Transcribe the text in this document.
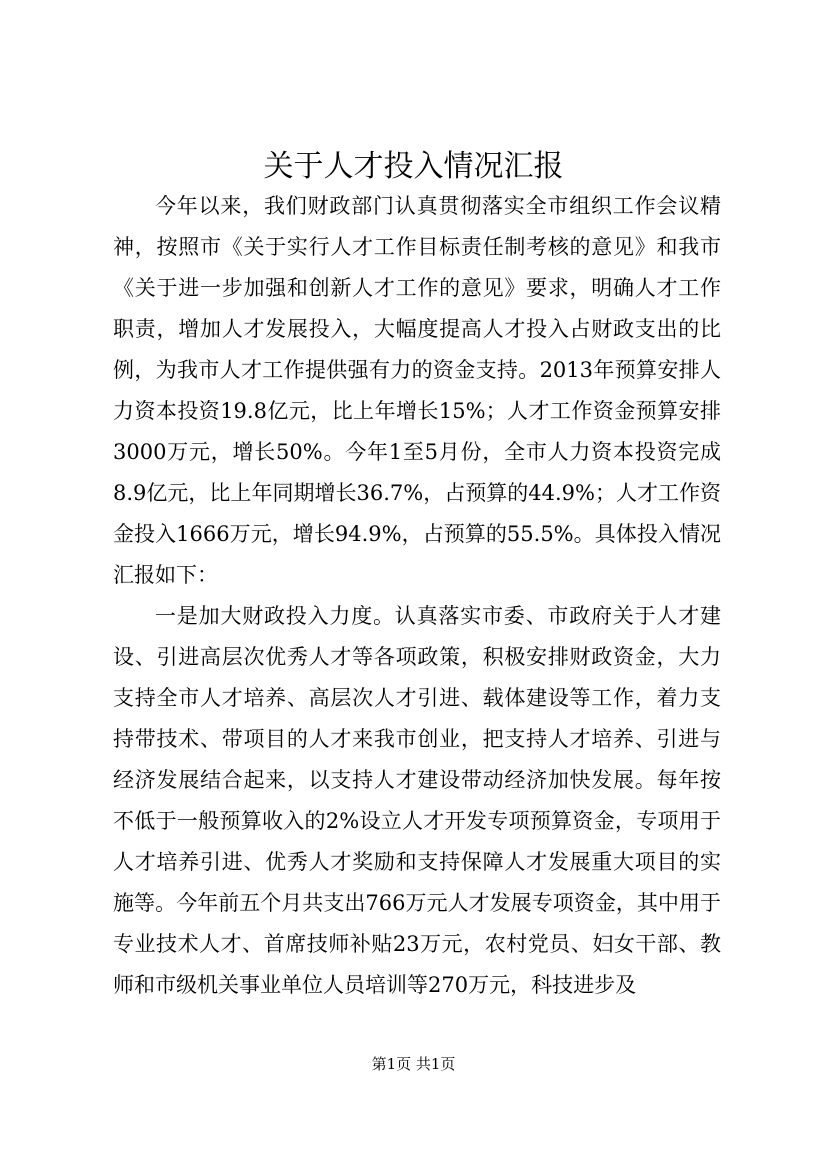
关于人才投入情况汇报

今年以来，我们财政部门认真贯彻落实全市组织工作会议精神，按照市《关于实行人才工作目标责任制考核的意见》和我市《关于进一步加强和创新人才工作的意见》要求，明确人才工作职责，增加人才发展投入，大幅度提高人才投入占财政支出的比例，为我市人才工作提供强有力的资金支持。2013年预算安排人力资本投资19.8亿元，比上年增长15%；人才工作资金预算安排3000万元，增长50%。今年1至5月份，全市人力资本投资完成8.9亿元，比上年同期增长36.7%，占预算的44.9%；人才工作资金投入1666万元，增长94.9%，占预算的55.5%。具体投入情况汇报如下：

一是加大财政投入力度。认真落实市委、市政府关于人才建设、引进高层次优秀人才等各项政策，积极安排财政资金，大力支持全市人才培养、高层次人才引进、载体建设等工作，着力支持带技术、带项目的人才来我市创业，把支持人才培养、引进与经济发展结合起来，以支持人才建设带动经济加快发展。每年按不低于一般预算收入的2%设立人才开发专项预算资金，专项用于人才培养引进、优秀人才奖励和支持保障人才发展重大项目的实施等。今年前五个月共支出766万元人才发展专项资金，其中用于专业技术人才、首席技师补贴23万元，农村党员、妇女干部、教师和市级机关事业单位人员培训等270万元，科技进步及

第1页 共1页
